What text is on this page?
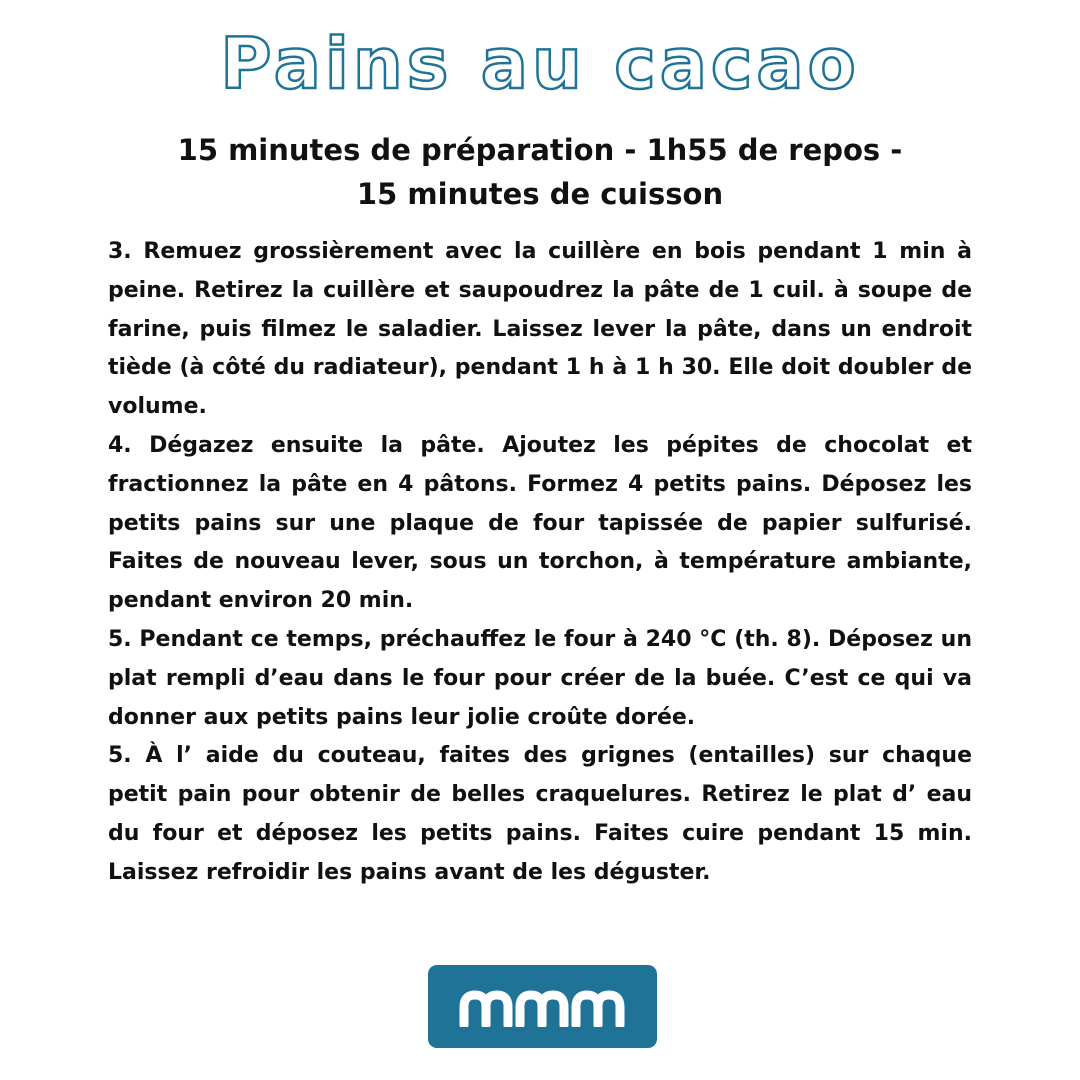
Pains au cacao
15 minutes de préparation - 1h55 de repos -
15 minutes de cuisson

3. Remuez grossièrement avec la cuillère en bois pendant 1 min à peine. Retirez la cuillère et saupoudrez la pâte de 1 cuil. à soupe de farine, puis filmez le saladier. Laissez lever la pâte, dans un endroit tiède (à côté du radiateur), pendant 1 h à 1 h 30. Elle doit doubler de volume.

4. Dégazez ensuite la pâte. Ajoutez les pépites de chocolat et fractionnez la pâte en 4 pâtons. Formez 4 petits pains. Déposez les petits pains sur une plaque de four tapissée de papier sulfurisé. Faites de nouveau lever, sous un torchon, à température ambiante, pendant environ 20 min.

5. Pendant ce temps, préchauffez le four à 240 °C (th. 8). Déposez un plat rempli d’eau dans le four pour créer de la buée. C’est ce qui va donner aux petits pains leur jolie croûte dorée.

5. À l’ aide du couteau, faites des grignes (entailles) sur chaque petit pain pour obtenir de belles craquelures. Retirez le plat d’ eau du four et déposez les petits pains. Faites cuire pendant 15 min. Laissez refroidir les pains avant de les déguster.
